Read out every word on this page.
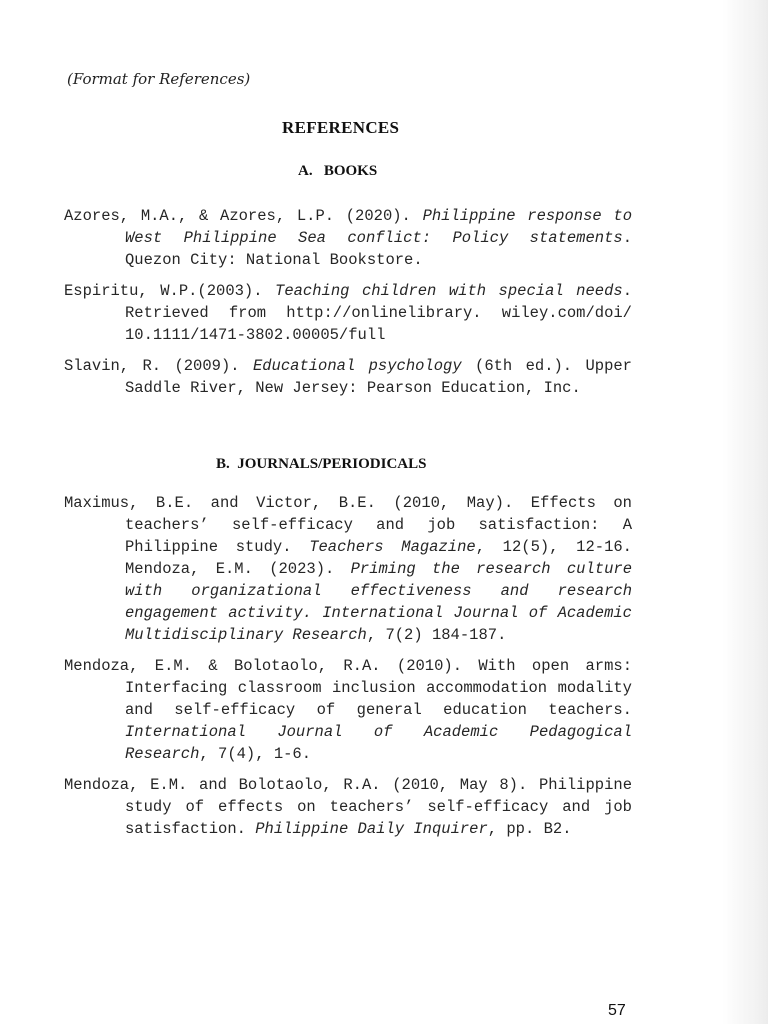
(Format for References)
REFERENCES
A.   BOOKS

Azores, M.A., & Azores, L.P. (2020). Philippine response to West Philippine Sea conflict: Policy statements. Quezon City: National Bookstore.

Espiritu, W.P.(2003). Teaching children with special needs. Retrieved from http://onlinelibrary. wiley.com/doi/ 10.1111/1471-3802.00005/full

Slavin, R. (2009). Educational psychology (6th ed.). Upper Saddle River, New Jersey: Pearson Education, Inc.

B.  JOURNALS/PERIODICALS

Maximus, B.E. and Victor, B.E. (2010, May). Effects on teachers’ self-efficacy and job satisfaction: A Philippine study. Teachers Magazine, 12(5), 12-16. Mendoza, E.M. (2023). Priming the research culture with organizational effectiveness and research engagement activity. International Journal of Academic Multidisciplinary Research, 7(2) 184-187.

Mendoza, E.M. & Bolotaolo, R.A. (2010). With open arms: Interfacing classroom inclusion accommodation modality and self-efficacy of general education teachers. International Journal of Academic Pedagogical Research, 7(4), 1-6.

Mendoza, E.M. and Bolotaolo, R.A. (2010, May 8). Philippine study of effects on teachers’ self-efficacy and job satisfaction. Philippine Daily Inquirer, pp. B2.

57
